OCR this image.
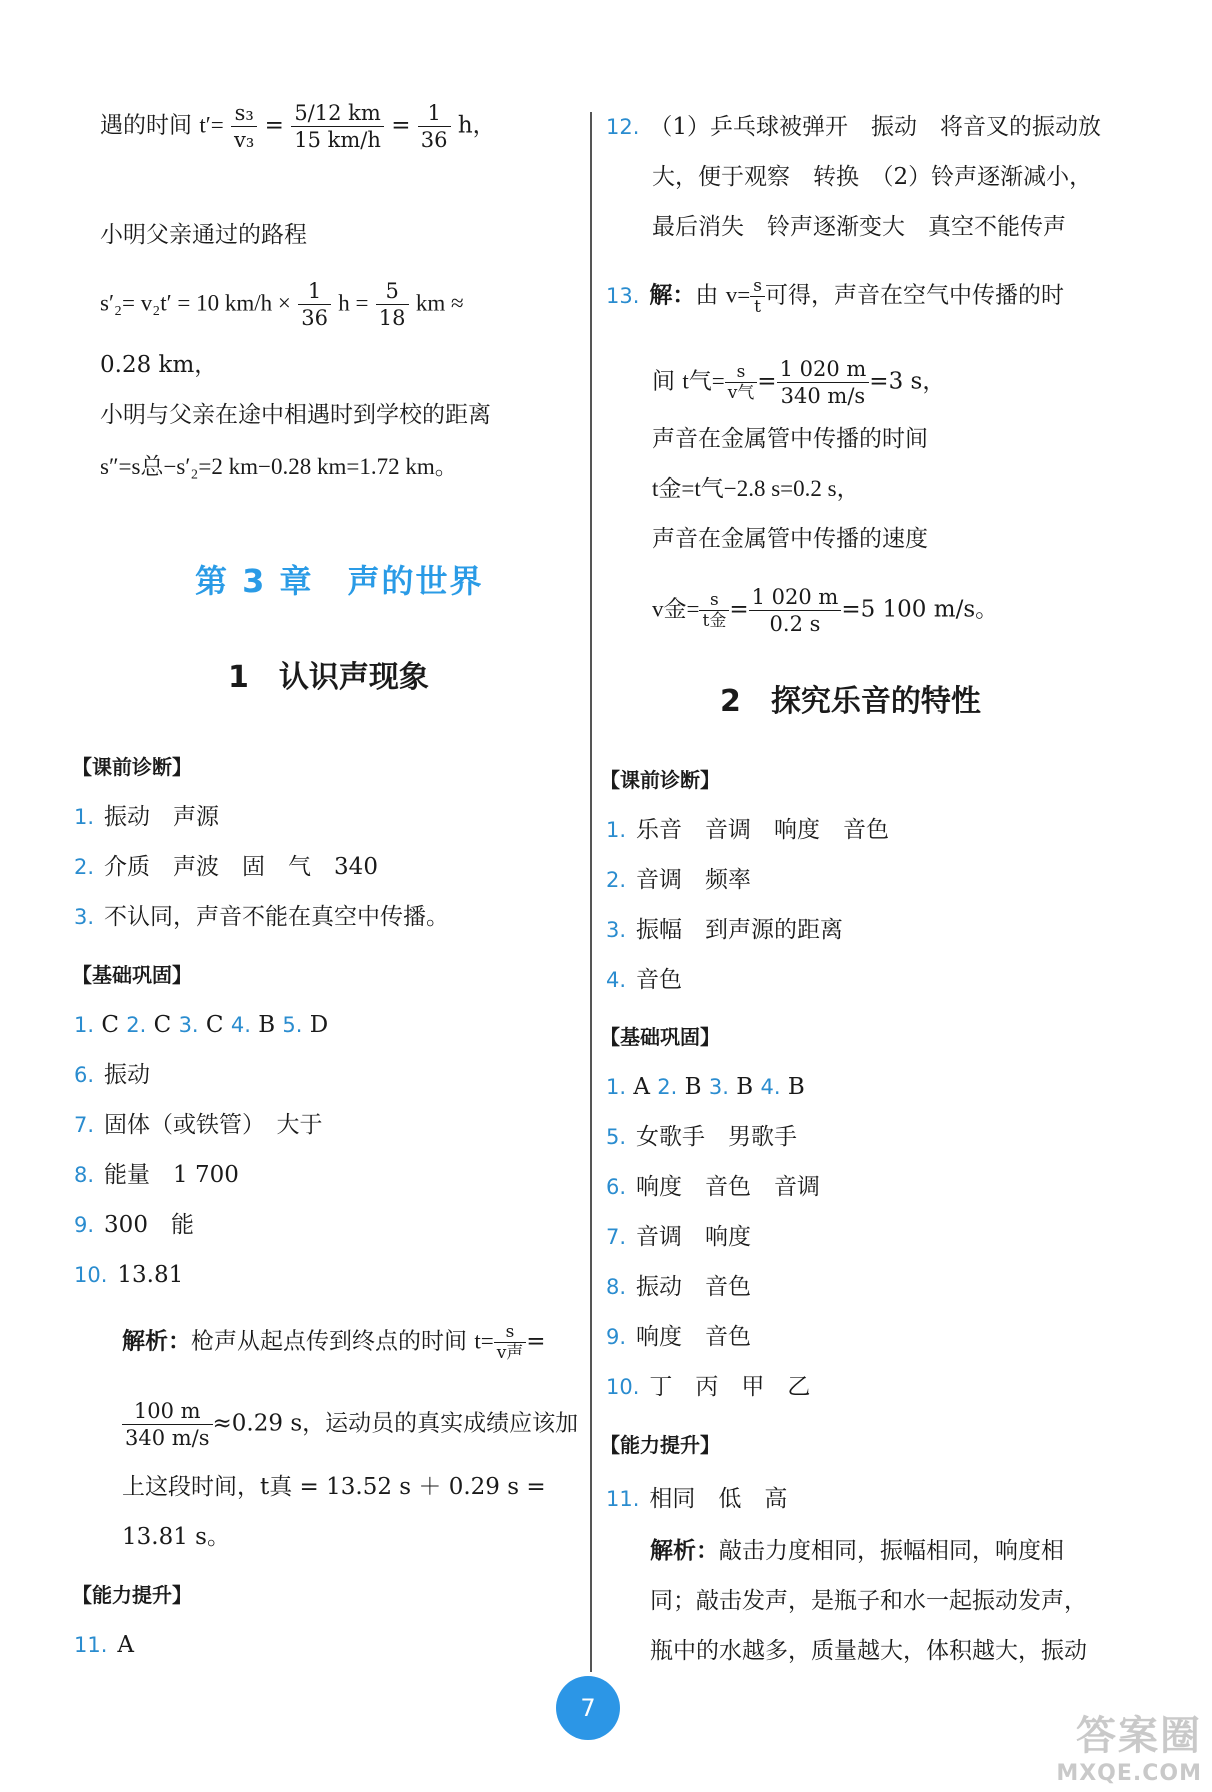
遇的时间 $t'= \frac{\text{s₃}}{\text{v₃}} = \frac{5/12 km}{15 km/h} = \frac{1}{36}$ h，
小明父亲通过的路程
s′₂= v₂t′ = 10 $km/h \times \frac{1}{36}$ $h = \frac{5}{18}$ km ≈
0.28 km，
小明与父亲在途中相遇时到学校的距离
s″=s总−s′₂=2 km−0.28 km=1.72 km。
第 3 章　声的世界
1　认识声现象
【课前诊断】
1. 振动　声源
2. 介质　声波　固　气　340
3. 不认同，声音不能在真空中传播。
【基础巩固】
1. C 2. C 3. C 4. B 5. D
6. 振动
7. 固体（或铁管）　大于
8. 能量　1 700
9. 300　能
10. 13.81
解析：枪声从起点传到终点的时间 $t= \frac{s}{\text{v声}}$ =
$\frac{100 m}{340 m/s} \approx 0.29$ s，运动员的真实成绩应该加
上这段时间，t真 = 13.52 s ＋ 0.29 s =
13.81 s。
【能力提升】
11. A
12. （1）乒乓球被弹开　振动　将音叉的振动放
大，便于观察　转换　（2）铃声逐渐减小，
最后消失　铃声逐渐变大　真空不能传声
13. 解：由 $v= \frac{s}{t}$ 可得，声音在空气中传播的时
间 t气= $\frac{s}{\text{v气}} = \frac{1 020 m}{340 m/s} =3$ s，
声音在金属管中传播的时间
t金=t气−2.8 s=0.2 s，
声音在金属管中传播的速度
v金= $\frac{s}{\text{t金}} = \frac{1 020 m}{0.2 s} =5$ 100 m/s。
2　探究乐音的特性
【课前诊断】
1. 乐音　音调　响度　音色
2. 音调　频率
3. 振幅　到声源的距离
4. 音色
【基础巩固】
1. A 2. B 3. B 4. B
5. 女歌手　男歌手
6. 响度　音色　音调
7. 音调　响度
8. 振动　音色
9. 响度　音色
10. 丁　丙　甲　乙
【能力提升】
11. 相同　低　高
解析：敲击力度相同，振幅相同，响度相
同；敲击发声，是瓶子和水一起振动发声，
瓶中的水越多，质量越大，体积越大，振动
7
答案圈
MXQE.COM
